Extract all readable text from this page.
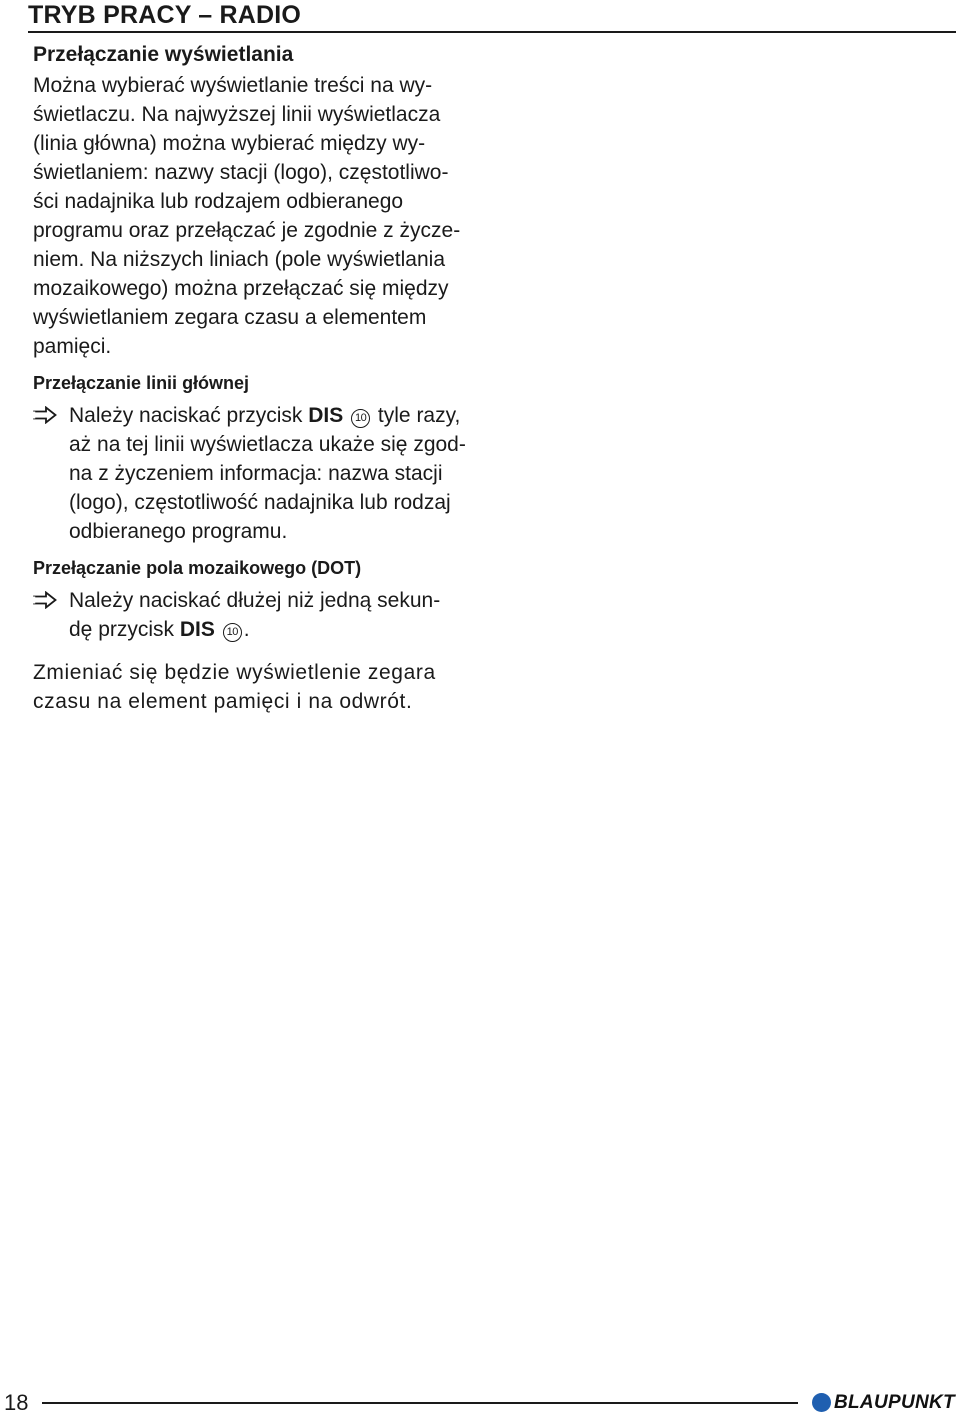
TRYB PRACY – RADIO
Przełączanie wyświetlania
Można wybierać wyświetlanie treści na wy-
świetlaczu. Na najwyższej linii wyświetlacza
(linia główna) można wybierać między wy-
świetlaniem: nazwy stacji (logo), częstotliwo-
ści nadajnika lub rodzajem odbieranego
programu oraz przełączać je zgodnie z życze-
niem. Na niższych liniach (pole wyświetlania
mozaikowego) można przełączać się między
wyświetlaniem zegara czasu a elementem
pamięci.
Przełączanie linii głównej
Należy naciskać przycisk DIS 10 tyle razy,
aż na tej linii wyświetlacza ukaże się zgod-
na z życzeniem informacja: nazwa stacji
(logo), częstotliwość nadajnika lub rodzaj
odbieranego programu.
Przełączanie pola mozaikowego (DOT)
Należy naciskać dłużej niż jedną sekun-
dę przycisk DIS 10 .
Zmieniać się będzie wyświetlenie zegara
czasu na element pamięci i na odwrót.
18	BLAUPUNKT
